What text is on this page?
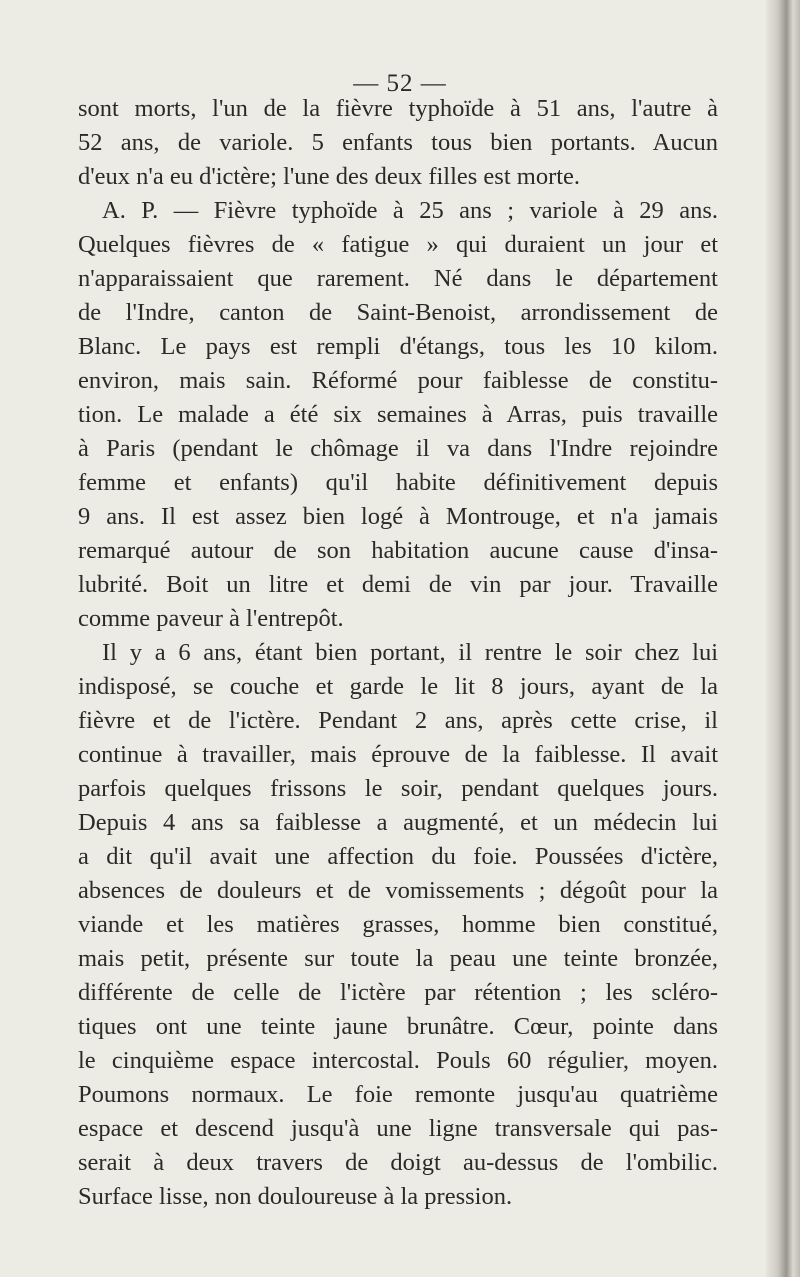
— 52 —
sont morts, l'un de la fièvre typhoïde à 51 ans, l'autre à
52 ans, de variole. 5 enfants tous bien portants. Aucun
d'eux n'a eu d'ictère; l'une des deux filles est morte.
A. P. — Fièvre typhoïde à 25 ans ; variole à 29 ans.
Quelques fièvres de « fatigue » qui duraient un jour et
n'apparaissaient que rarement. Né dans le département
de l'Indre, canton de Saint-Benoist, arrondissement de
Blanc. Le pays est rempli d'étangs, tous les 10 kilom.
environ, mais sain. Réformé pour faiblesse de constitu-
tion. Le malade a été six semaines à Arras, puis travaille
à Paris (pendant le chômage il va dans l'Indre rejoindre
femme et enfants) qu'il habite définitivement depuis
9 ans. Il est assez bien logé à Montrouge, et n'a jamais
remarqué autour de son habitation aucune cause d'insa-
lubrité. Boit un litre et demi de vin par jour. Travaille
comme paveur à l'entrepôt.
Il y a 6 ans, étant bien portant, il rentre le soir chez lui
indisposé, se couche et garde le lit 8 jours, ayant de la
fièvre et de l'ictère. Pendant 2 ans, après cette crise, il
continue à travailler, mais éprouve de la faiblesse. Il avait
parfois quelques frissons le soir, pendant quelques jours.
Depuis 4 ans sa faiblesse a augmenté, et un médecin lui
a dit qu'il avait une affection du foie. Poussées d'ictère,
absences de douleurs et de vomissements ; dégoût pour la
viande et les matières grasses, homme bien constitué,
mais petit, présente sur toute la peau une teinte bronzée,
différente de celle de l'ictère par rétention ; les scléro-
tiques ont une teinte jaune brunâtre. Cœur, pointe dans
le cinquième espace intercostal. Pouls 60 régulier, moyen.
Poumons normaux. Le foie remonte jusqu'au quatrième
espace et descend jusqu'à une ligne transversale qui pas-
serait à deux travers de doigt au-dessus de l'ombilic.
Surface lisse, non douloureuse à la pression.
